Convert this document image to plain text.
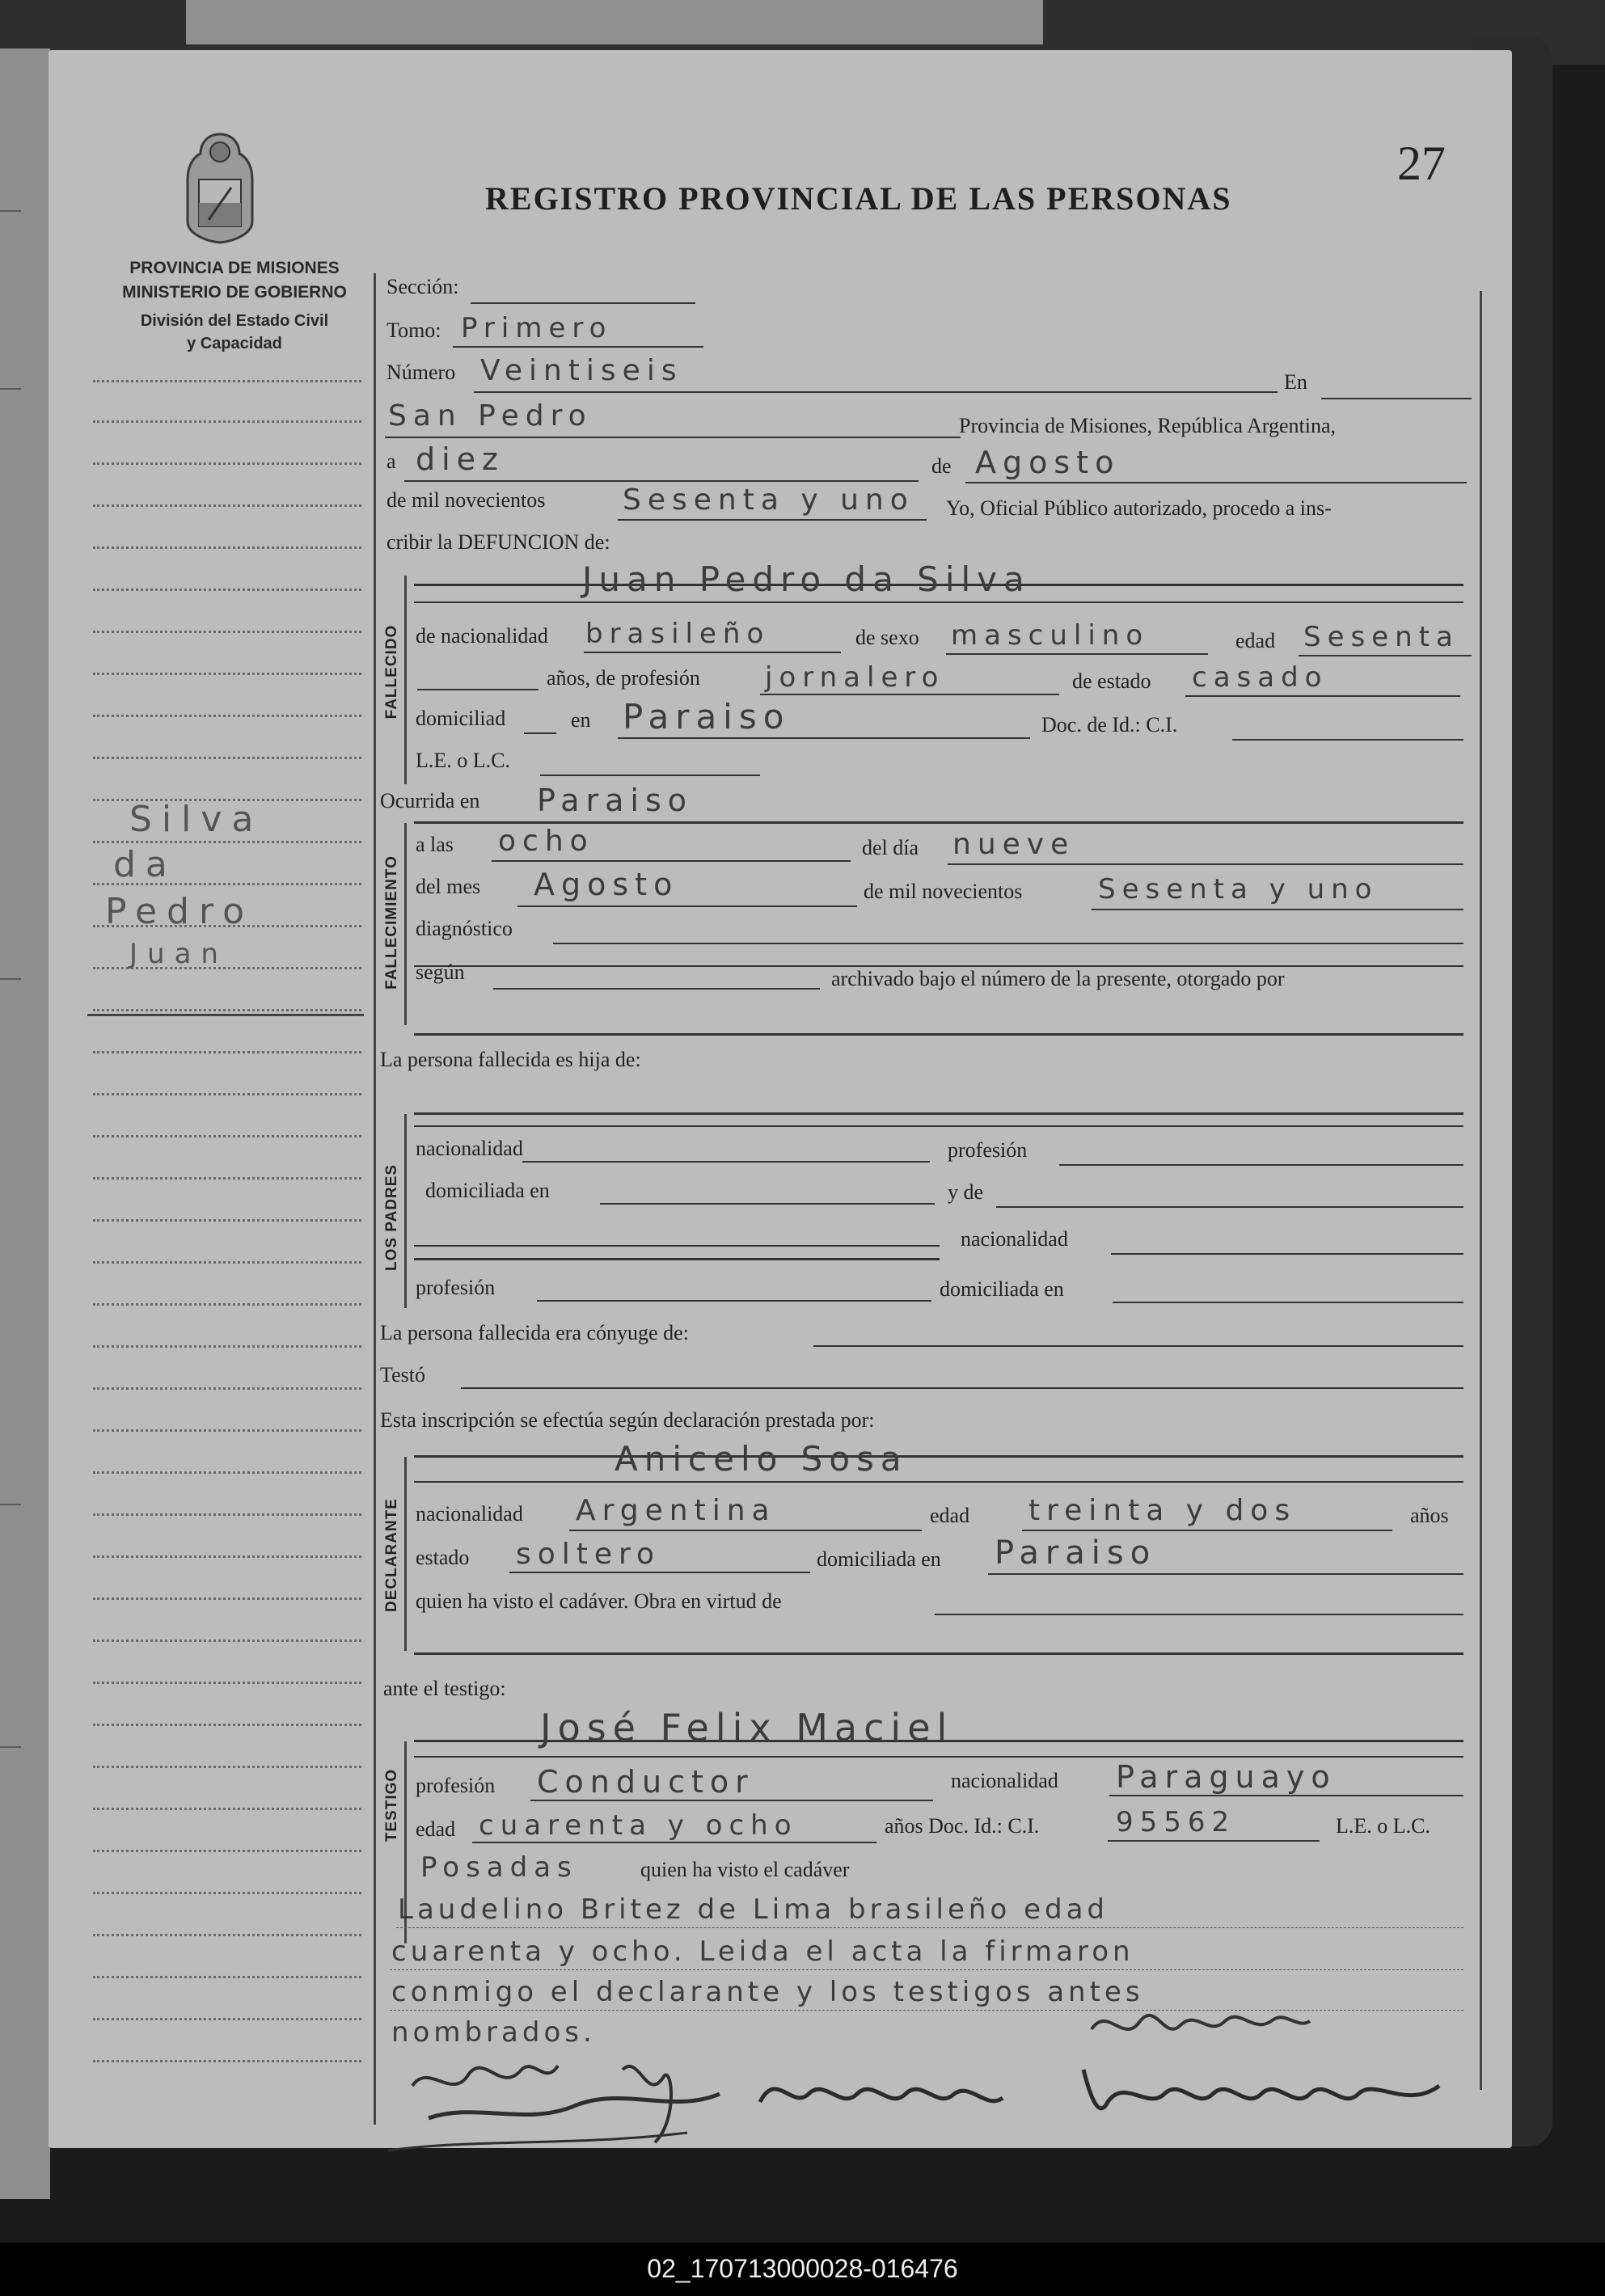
PROVINCIA DE MISIONES
MINISTERIO DE GOBIERNO
División del Estado Civil
y Capacidad
REGISTRO PROVINCIAL DE LAS PERSONAS
27
Silva
da
Pedro
Juan
Sección:
Tomo: Primero
Número Veintiseis	En
San Pedro	Provincia de Misiones, República Argentina,
a diez	de Agosto
de mil novecientos	Sesenta y uno Yo, Oficial Público autorizado, procedo a ins-
cribir la DEFUNCION de:
FALLECIDO
Juan Pedro da Silva
de nacionalidad brasileño	de sexo masculino	edad Sesenta
años, de profesión jornalero	de estado casado
domiciliad	en Paraiso	Doc. de Id.: C.I.
L.E. o L.C.
Ocurrida en Paraiso
FALLECIMIENTO
a las ocho	del día nueve
del mes Agosto	de mil novecientos	Sesenta y uno
diagnóstico
según	archivado bajo el número de la presente, otorgado por
La persona fallecida es hija de:
LOS PADRES
nacionalidad	profesión
domiciliada en	y de
nacionalidad
profesión	domiciliada en
La persona fallecida era cónyuge de:
Testó
Esta inscripción se efectúa según declaración prestada por:
DECLARANTE
Anicelo Sosa
nacionalidad Argentina	edad treinta y dos	años
estado soltero	domiciliada en Paraiso
quien ha visto el cadáver. Obra en virtud de
ante el testigo:
TESTIGO
José Felix Maciel
profesión Conductor	nacionalidad Paraguayo
edad cuarenta y ocho	años Doc. Id.: C.I.	95562	L.E. o L.C.
Posadas	quien ha visto el cadáver
Laudelino Britez de Lima brasileño edad
cuarenta y ocho. Leida el acta la firmaron
conmigo el declarante y los testigos antes
nombrados.
02_170713000028-016476
